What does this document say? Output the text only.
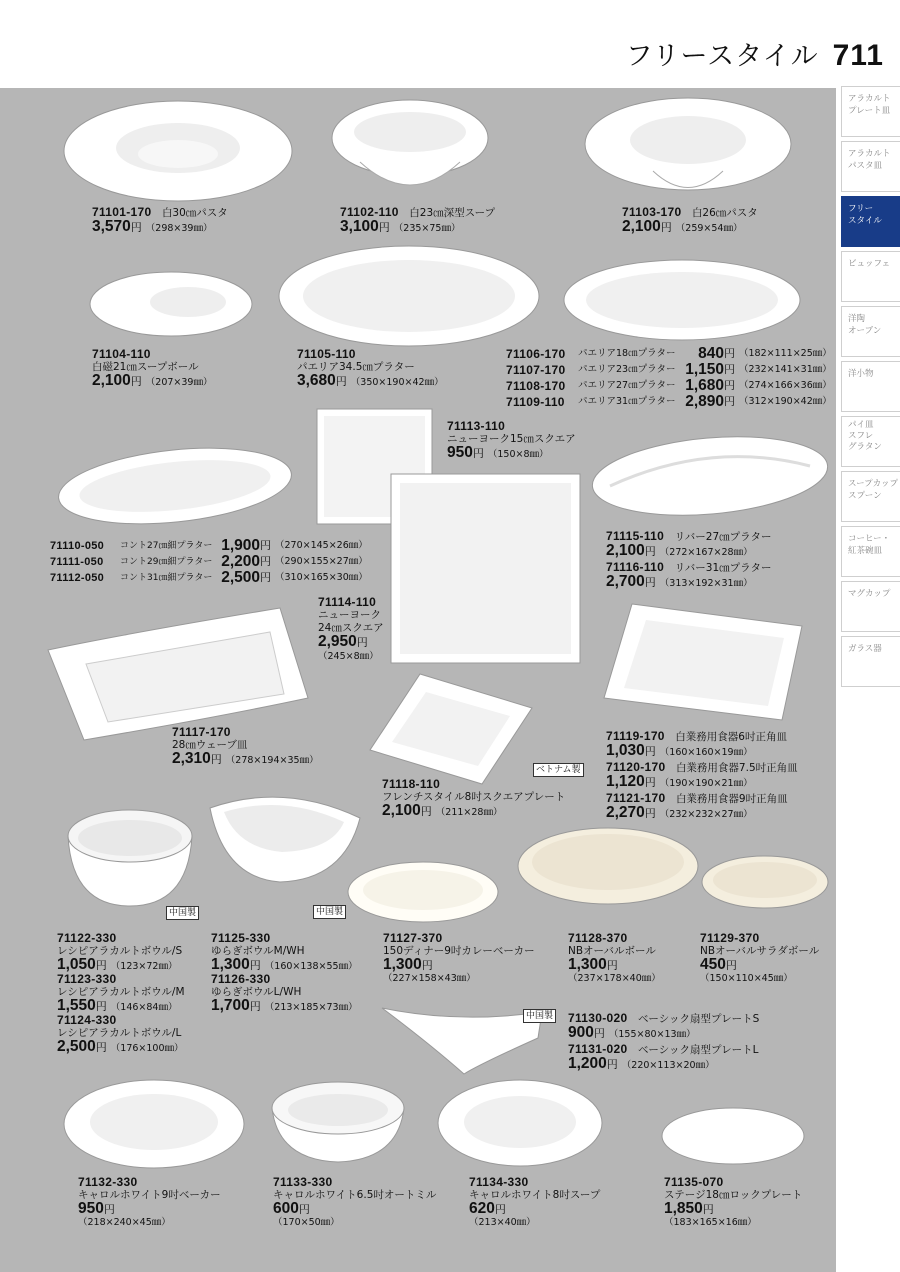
フリースタイル 711
アラカルト
プレート皿
アラカルト
パスタ皿
フリー
スタイル
ビュッフェ
洋陶
オーブン
洋小物
パイ皿
スフレ
グラタン
スープカップ
スプーン
コーヒー・
紅茶碗皿
マグカップ
ガラス器
ベトナム製
中国製	中国製
中国製
71101-170　 白30㎝パスタ
3,570円 （298×39㎜）
71102-110　 白23㎝深型スープ
3,100円 （235×75㎜）
71103-170　 白26㎝パスタ
2,100円 （259×54㎜）
71104-110
白磁21㎝スープボール
2,100円 （207×39㎜）
71105-110
パエリア34.5㎝プラター
3,680円 （350×190×42㎜）
71106-170 パエリア18㎝プラター 840円 （182×111×25㎜）
71107-170 パエリア23㎝プラター 1,150円 （232×141×31㎜）
71108-170 パエリア27㎝プラター 1,680円 （274×166×36㎜）
71109-110 パエリア31㎝プラター 2,890円 （312×190×42㎜）
71113-110
ニューヨーク15㎝スクエア
950円 （150×8㎜）
71110-050 コント27㎝細プラター 1,900円 （270×145×26㎜）
71111-050 コント29㎝細プラター 2,200円 （290×155×27㎜）
71112-050 コント31㎝細プラター 2,500円 （310×165×30㎜）
71115-110　 リバー27㎝プラター
2,100円 （272×167×28㎜）
71116-110　 リバー31㎝プラター
2,700円 （313×192×31㎜）
71114-110
ニューヨーク
24㎝スクエア
2,950円
（245×8㎜）
71117-170
28㎝ウェーブ皿
2,310円 （278×194×35㎜）
71119-170　 白業務用食器6吋正角皿
1,030円 （160×160×19㎜）
71120-170　 白業務用食器7.5吋正角皿
1,120円 （190×190×21㎜）
71121-170　 白業務用食器9吋正角皿
2,270円 （232×232×27㎜）
71118-110
フレンチスタイル8吋スクエアプレート
2,100円 （211×28㎜）
71122-330
レシピアラカルトボウル/S
1,050円 （123×72㎜）
71123-330
レシピアラカルトボウル/M
1,550円 （146×84㎜）
71124-330
レシピアラカルトボウル/L
2,500円 （176×100㎜）
71125-330
ゆらぎボウルM/WH
1,300円 （160×138×55㎜）
71126-330
ゆらぎボウルL/WH
1,700円 （213×185×73㎜）
71127-370
150ディナー9吋カレーベーカー
1,300円
（227×158×43㎜）
71128-370
NBオーバルボール
1,300円
（237×178×40㎜）
71129-370
NBオーバルサラダボール
450円
（150×110×45㎜）
71130-020　 ベーシック扇型プレートS
900円 （155×80×13㎜）
71131-020　 ベーシック扇型プレートL
1,200円 （220×113×20㎜）
71132-330
キャロルホワイト9吋ベーカー
950円
（218×240×45㎜）
71133-330
キャロルホワイト6.5吋オートミル
600円
（170×50㎜）
71134-330
キャロルホワイト8吋スープ
620円
（213×40㎜）
71135-070
ステージ18㎝ロックプレート
1,850円
（183×165×16㎜）
